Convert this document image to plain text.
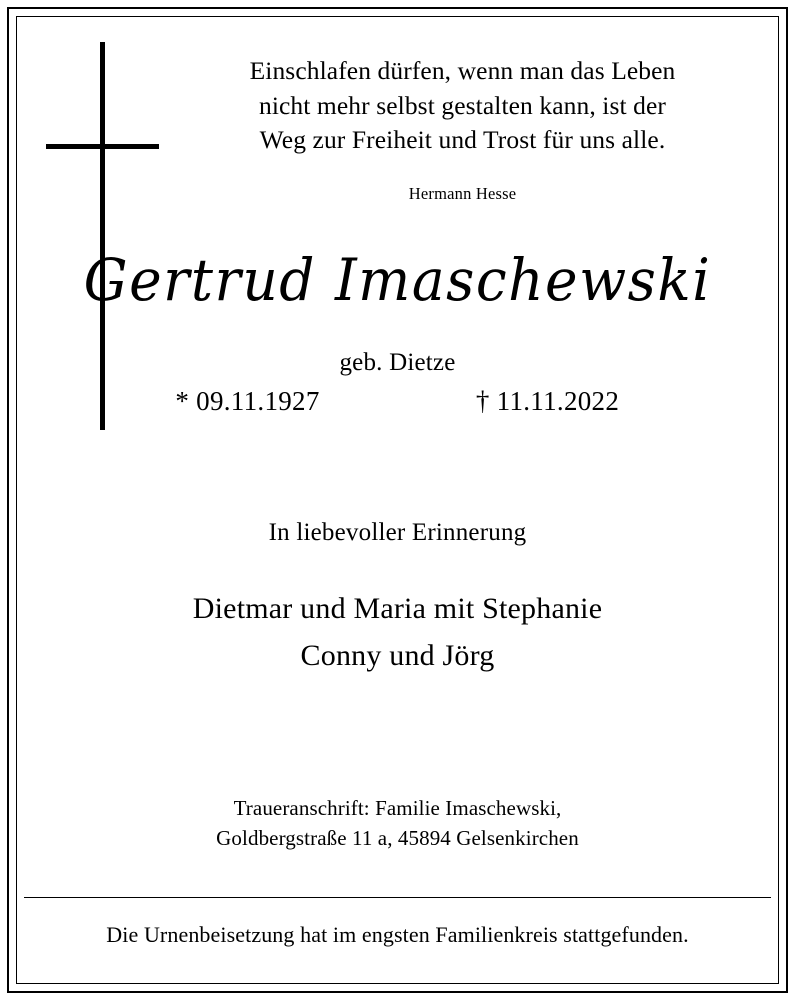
Einschlafen dürfen, wenn man das Leben
nicht mehr selbst gestalten kann, ist der
Weg zur Freiheit und Trost für uns alle.
Hermann Hesse
Gertrud Imaschewski
geb. Dietze
* 09.11.1927	† 11.11.2022
In liebevoller Erinnerung
Dietmar und Maria mit Stephanie
Conny und Jörg
Traueranschrift: Familie Imaschewski,
Goldbergstraße 11 a, 45894 Gelsenkirchen
Die Urnenbeisetzung hat im engsten Familienkreis stattgefunden.
